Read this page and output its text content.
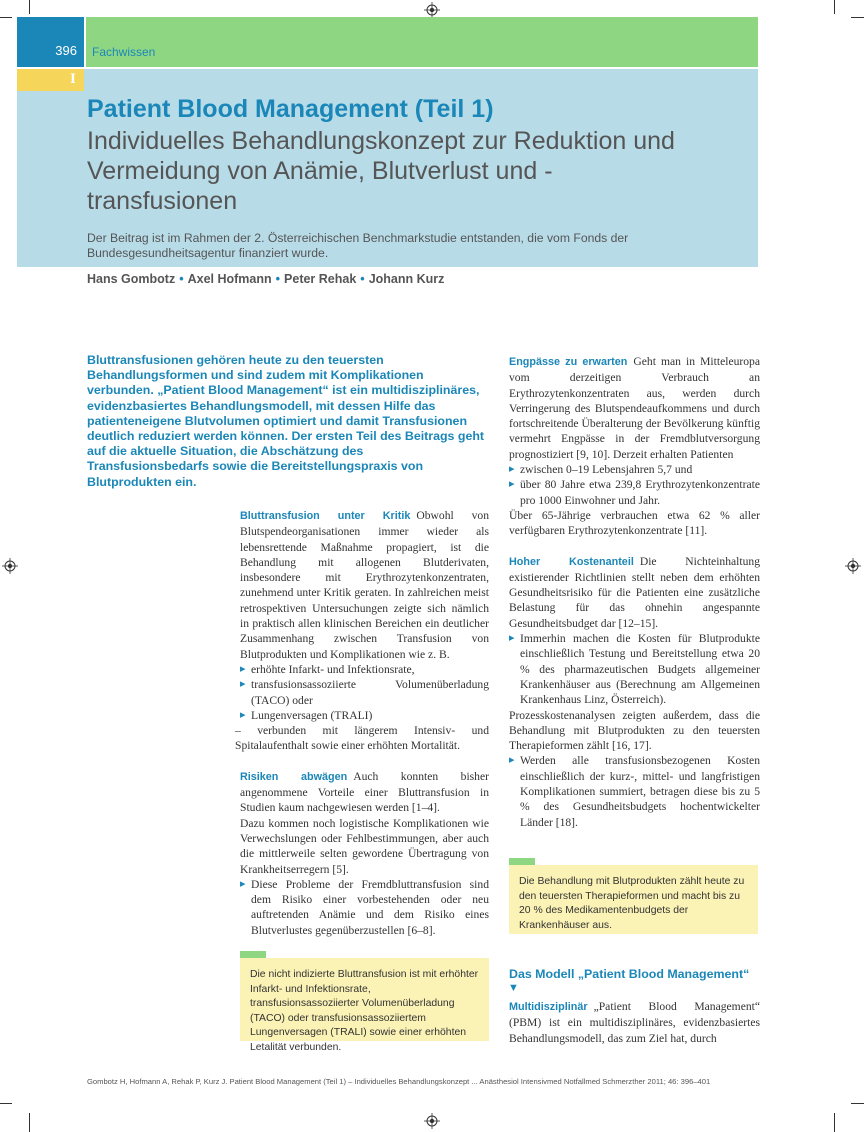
396 Fachwissen
I
Patient Blood Management (Teil 1)
Individuelles Behandlungskonzept zur Reduktion und Vermeidung von Anämie, Blutverlust und -transfusionen
Der Beitrag ist im Rahmen der 2. Österreichischen Benchmarkstudie entstanden, die vom Fonds der Bundesgesundheitsagentur finanziert wurde.
Hans Gombotz • Axel Hofmann • Peter Rehak • Johann Kurz
Bluttransfusionen gehören heute zu den teuersten Behandlungsformen und sind zudem mit Komplikationen verbunden. „Patient Blood Management“ ist ein multidisziplinäres, evidenzbasiertes Behandlungsmodell, mit dessen Hilfe das patienteneigene Blutvolumen optimiert und damit Transfusionen deutlich reduziert werden können. Der ersten Teil des Beitrags geht auf die aktuelle Situation, die Abschätzung des Transfusionsbedarfs sowie die Bereitstellungspraxis von Blutprodukten ein.

Bluttransfusion unter Kritik Obwohl von Blutspendeorganisationen immer wieder als lebensrettende Maßnahme propagiert, ist die Behandlung mit allogenen Blutderivaten, insbesondere mit Erythrozytenkonzentraten, zunehmend unter Kritik geraten. In zahlreichen meist retrospektiven Untersuchungen zeigte sich nämlich in praktisch allen klinischen Bereichen ein deutlicher Zusammenhang zwischen Transfusion von Blutprodukten und Komplikationen wie z. B.

▸ erhöhte Infarkt- und Infektionsrate,
▸ transfusionsassoziierte Volumenüberladung (TACO) oder
▸ Lungenversagen (TRALI)

– verbunden mit längerem Intensiv- und Spitalaufenthalt sowie einer erhöhten Mortalität.

Risiken abwägen Auch konnten bisher angenommene Vorteile einer Bluttransfusion in Studien kaum nachgewiesen werden [1–4].

Dazu kommen noch logistische Komplikationen wie Verwechslungen oder Fehlbestimmungen, aber auch die mittlerweile selten gewordene Übertragung von Krankheitserregern [5].

▸ Diese Probleme der Fremdbluttransfusion sind dem Risiko einer vorbestehenden oder neu auftretenden Anämie und dem Risiko eines Blutverlustes gegenüberzustellen [6–8].
Die nicht indizierte Bluttransfusion ist mit erhöhter Infarkt- und Infektionsrate, transfusionsassoziierter Volumenüberladung (TACO) oder transfusionsassoziiertem Lungenversagen (TRALI) sowie einer erhöhten Letalität verbunden.

Engpässe zu erwarten Geht man in Mitteleuropa vom derzeitigen Verbrauch an Erythrozytenkonzentraten aus, werden durch Verringerung des Blutspendeaufkommens und durch fortschreitende Überalterung der Bevölkerung künftig vermehrt Engpässe in der Fremdblutversorgung prognostiziert [9, 10]. Derzeit erhalten Patienten

▸ zwischen 0–19 Lebensjahren 5,7 und
▸ über 80 Jahre etwa 239,8 Erythrozytenkonzentrate pro 1000 Einwohner und Jahr.

Über 65-Jährige verbrauchen etwa 62 % aller verfügbaren Erythrozytenkonzentrate [11].

Hoher Kostenanteil Die Nichteinhaltung existierender Richtlinien stellt neben dem erhöhten Gesundheitsrisiko für die Patienten eine zusätzliche Belastung für das ohnehin angespannte Gesundheitsbudget dar [12–15].

▸ Immerhin machen die Kosten für Blutprodukte einschließlich Testung und Bereitstellung etwa 20 % des pharmazeutischen Budgets allgemeiner Krankenhäuser aus (Berechnung am Allgemeinen Krankenhaus Linz, Österreich).

Prozesskostenanalysen zeigten außerdem, dass die Behandlung mit Blutprodukten zu den teuersten Therapieformen zählt [16, 17].

▸ Werden alle transfusionsbezogenen Kosten einschließlich der kurz-, mittel- und langfristigen Komplikationen summiert, betragen diese bis zu 5 % des Gesundheitsbudgets hochentwickelter Länder [18].
Die Behandlung mit Blutprodukten zählt heute zu den teuersten Therapieformen und macht bis zu 20 % des Medikamentenbudgets der Krankenhäuser aus.
Das Modell „Patient Blood Management“
▼

Multidisziplinär „Patient Blood Management“ (PBM) ist ein multidisziplinäres, evidenzbasiertes Behandlungsmodell, das zum Ziel hat, durch

Gombotz H, Hofmann A, Rehak P, Kurz J. Patient Blood Management (Teil 1) – Individuelles Behandlungskonzept ... Anästhesiol Intensivmed Notfallmed Schmerzther 2011; 46: 396–401
